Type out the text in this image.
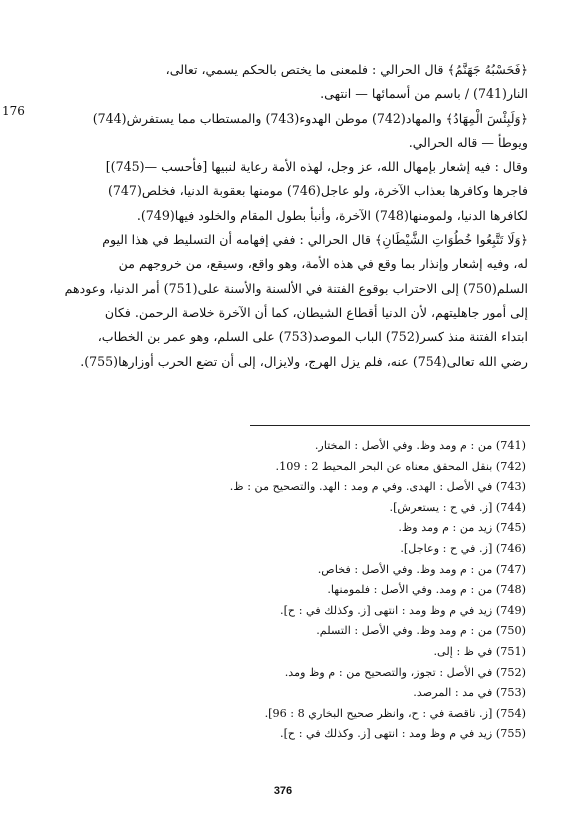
176

﴿فَحَسْبُهُ جَهَنَّمُ﴾ قال الحرالي : فلمعنى ما يختص بالحكم يسمي، تعالى،

النار(741) / باسم من أسمائها — انتهى.

﴿وَلَبِئْسَ الْمِهَادُ﴾ والمهاد(742) موطن الهدوء(743) والمستطاب مما يستفرش(744)

ويوطأ — قاله الحرالي.

وقال : فيه إشعار بإمهال الله، عز وجل، لهذه الأمة رعاية لنبيها [فأحسب —(745)]

فاجرها وكافرها بعذاب الآخرة، ولو عاجل(746) مومنها بعقوبة الدنيا، فخلص(747)

لكافرها الدنيا، ولمومنها(748) الآخرة، وأنبأ بطول المقام والخلود فيها(749).

﴿وَلَا تَتَّبِعُوا خُطُوَاتِ الشَّيْطَانِ﴾ قال الحرالي : ففي إفهامه أن التسليط في هذا اليوم

له، وفيه إشعار وإنذار بما وقع في هذه الأمة، وهو واقع، وسيقع، من خروجهم من

السلم(750) إلى الاحتراب بوقوع الفتنة في الألسنة والأسنة على(751) أمر الدنيا، وعودهم

إلى أمور جاهليتهم، لأن الدنيا أقطاع الشيطان، كما أن الآخرة خلاصة الرحمن. فكان

ابتداء الفتنة منذ كسر(752) الباب الموصد(753) على السلم، وهو عمر بن الخطاب،

رضي الله تعالى(754) عنه، فلم يزل الهرج، ولايزال، إلى أن تضع الحرب أوزارها(755).

(741) من : م ومد وظ. وفي الأصل : المختار.

(742) بنقل المحقق معناه عن البحر المحيط 2 : 109.

(743) في الأصل : الهدى. وفي م ومد : الهد. والتصحيح من : ظ.

(744) [ز. في ح : يستعرش].

(745) زيد من : م ومد وظ.

(746) [ز. في ح : وعاجل].

(747) من : م ومد وظ. وفي الأصل : فخاص.

(748) من : م ومد. وفي الأصل : فلمومنها.

(749) زيد في م وظ ومد : انتهى [ز. وكذلك في : ح].

(750) من : م ومد وظ. وفي الأصل : التسلم.

(751) في ظ : إلى.

(752) في الأصل : تجوز، والتصحيح من : م وظ ومد.

(753) في مد : المرصد.

(754) [ز. ناقصة في : ح، وانظر صحيح البخاري 8 : 96].

(755) زيد في م وظ ومد : انتهى [ز. وكذلك في : ح].

376
